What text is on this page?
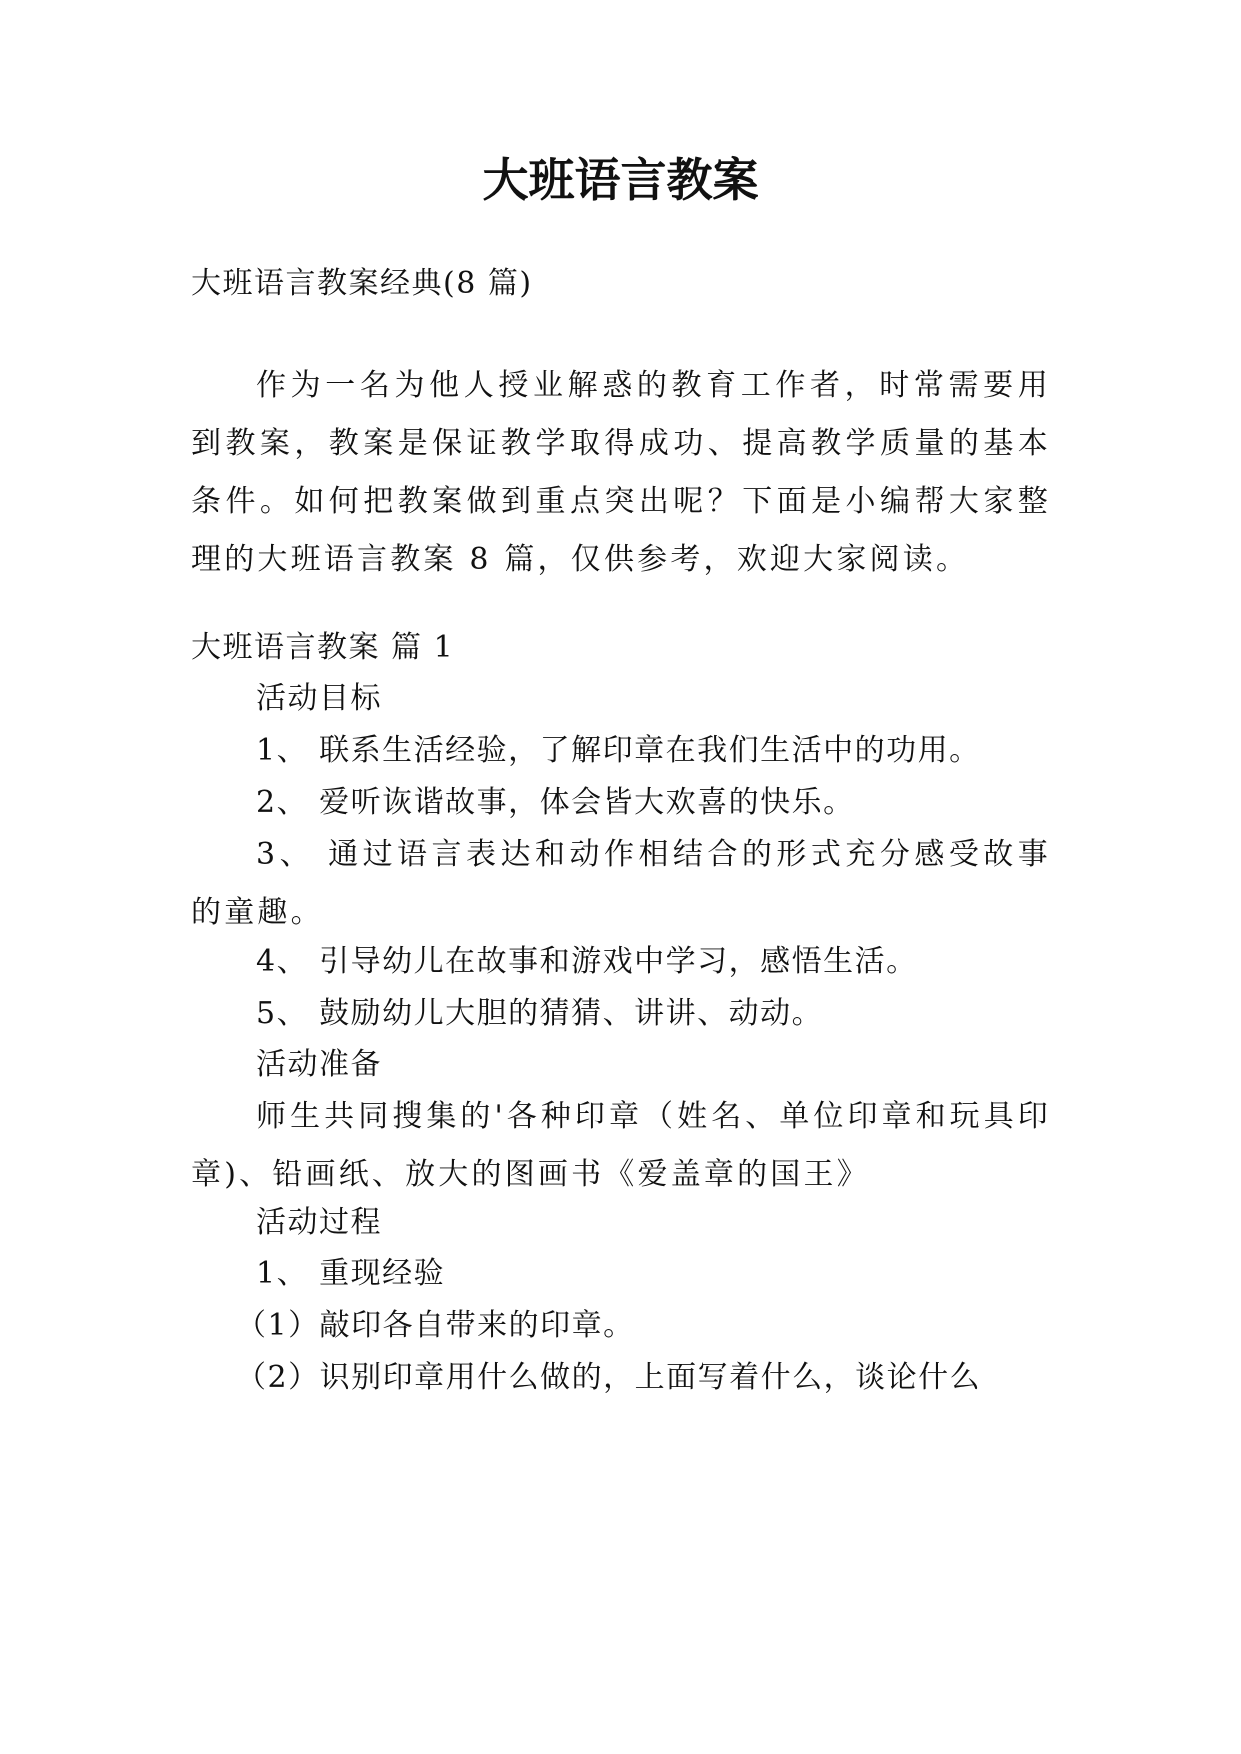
大班语言教案

大班语言教案经典(8 篇)

作为一名为他人授业解惑的教育工作者，时常需要用到教案，教案是保证教学取得成功、提高教学质量的基本条件。如何把教案做到重点突出呢？下面是小编帮大家整理的大班语言教案 8 篇，仅供参考，欢迎大家阅读。

大班语言教案 篇 1

活动目标

1、 联系生活经验，了解印章在我们生活中的功用。

2、 爱听诙谐故事，体会皆大欢喜的快乐。

3、 通过语言表达和动作相结合的形式充分感受故事的童趣。

4、 引导幼儿在故事和游戏中学习，感悟生活。

5、 鼓励幼儿大胆的猜猜、讲讲、动动。

活动准备

师生共同搜集的'各种印章（姓名、单位印章和玩具印章)、铅画纸、放大的图画书《爱盖章的国王》

活动过程

1、 重现经验

（1）敲印各自带来的印章。

（2）识别印章用什么做的，上面写着什么，谈论什么
